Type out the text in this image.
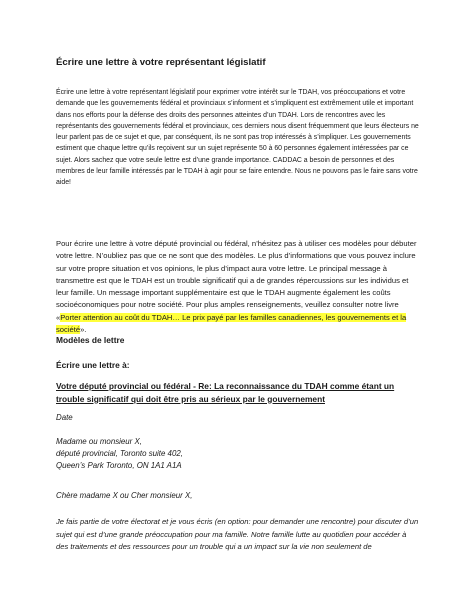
Écrire une lettre à votre représentant législatif

Écrire une lettre à votre représentant législatif pour exprimer votre intérêt sur le TDAH, vos préoccupations et votre demande que les gouvernements fédéral et provinciaux s’informent et s’impliquent est extrêmement utile et important dans nos efforts pour la défense des droits des personnes atteintes d’un TDAH. Lors de rencontres avec les représentants des gouvernements fédéral et provinciaux, ces derniers nous disent fréquemment que leurs électeurs ne leur parlent pas de ce sujet et que, par conséquent, ils ne sont pas trop intéressés à s’impliquer. Les gouvernements estiment que chaque lettre qu’ils reçoivent sur un sujet représente 50 à 60 personnes également intéressées par ce sujet. Alors sachez que votre seule lettre est d’une grande importance. CADDAC a besoin de personnes et des membres de leur famille intéressés par le TDAH à agir pour se faire entendre. Nous ne pouvons pas le faire sans votre aide!

Pour écrire une lettre à votre député provincial ou fédéral, n’hésitez pas à utiliser ces modèles pour débuter votre lettre. N’oubliez pas que ce ne sont que des modèles. Le plus d’informations que vous pouvez inclure sur votre propre situation et vos opinions, le plus d’impact aura votre lettre. Le principal message à transmettre est que le TDAH est un trouble significatif qui a de grandes répercussions sur les individus et leur famille. Un message important supplémentaire est que le TDAH augmente également les coûts socioéconomiques pour notre société. Pour plus amples renseignements, veuillez consulter notre livre «Porter attention au coût du TDAH… Le prix payé par les familles canadiennes, les gouvernements et la société».

Modèles de lettre
Écrire une lettre à:

Votre député provincial ou fédéral - Re: La reconnaissance du TDAH comme étant un trouble significatif qui doit être pris au sérieux par le gouvernement

Date

Madame ou monsieur X,
député provincial, Toronto suite 402,
Queen’s Park Toronto, ON 1A1 A1A

Chère madame X ou Cher monsieur X,

Je fais partie de votre électorat et je vous écris (en option: pour demander une rencontre) pour discuter d’un sujet qui est d’une grande préoccupation pour ma famille. Notre famille lutte au quotidien pour accéder à des traitements et des ressources pour un trouble qui a un impact sur la vie non seulement de
